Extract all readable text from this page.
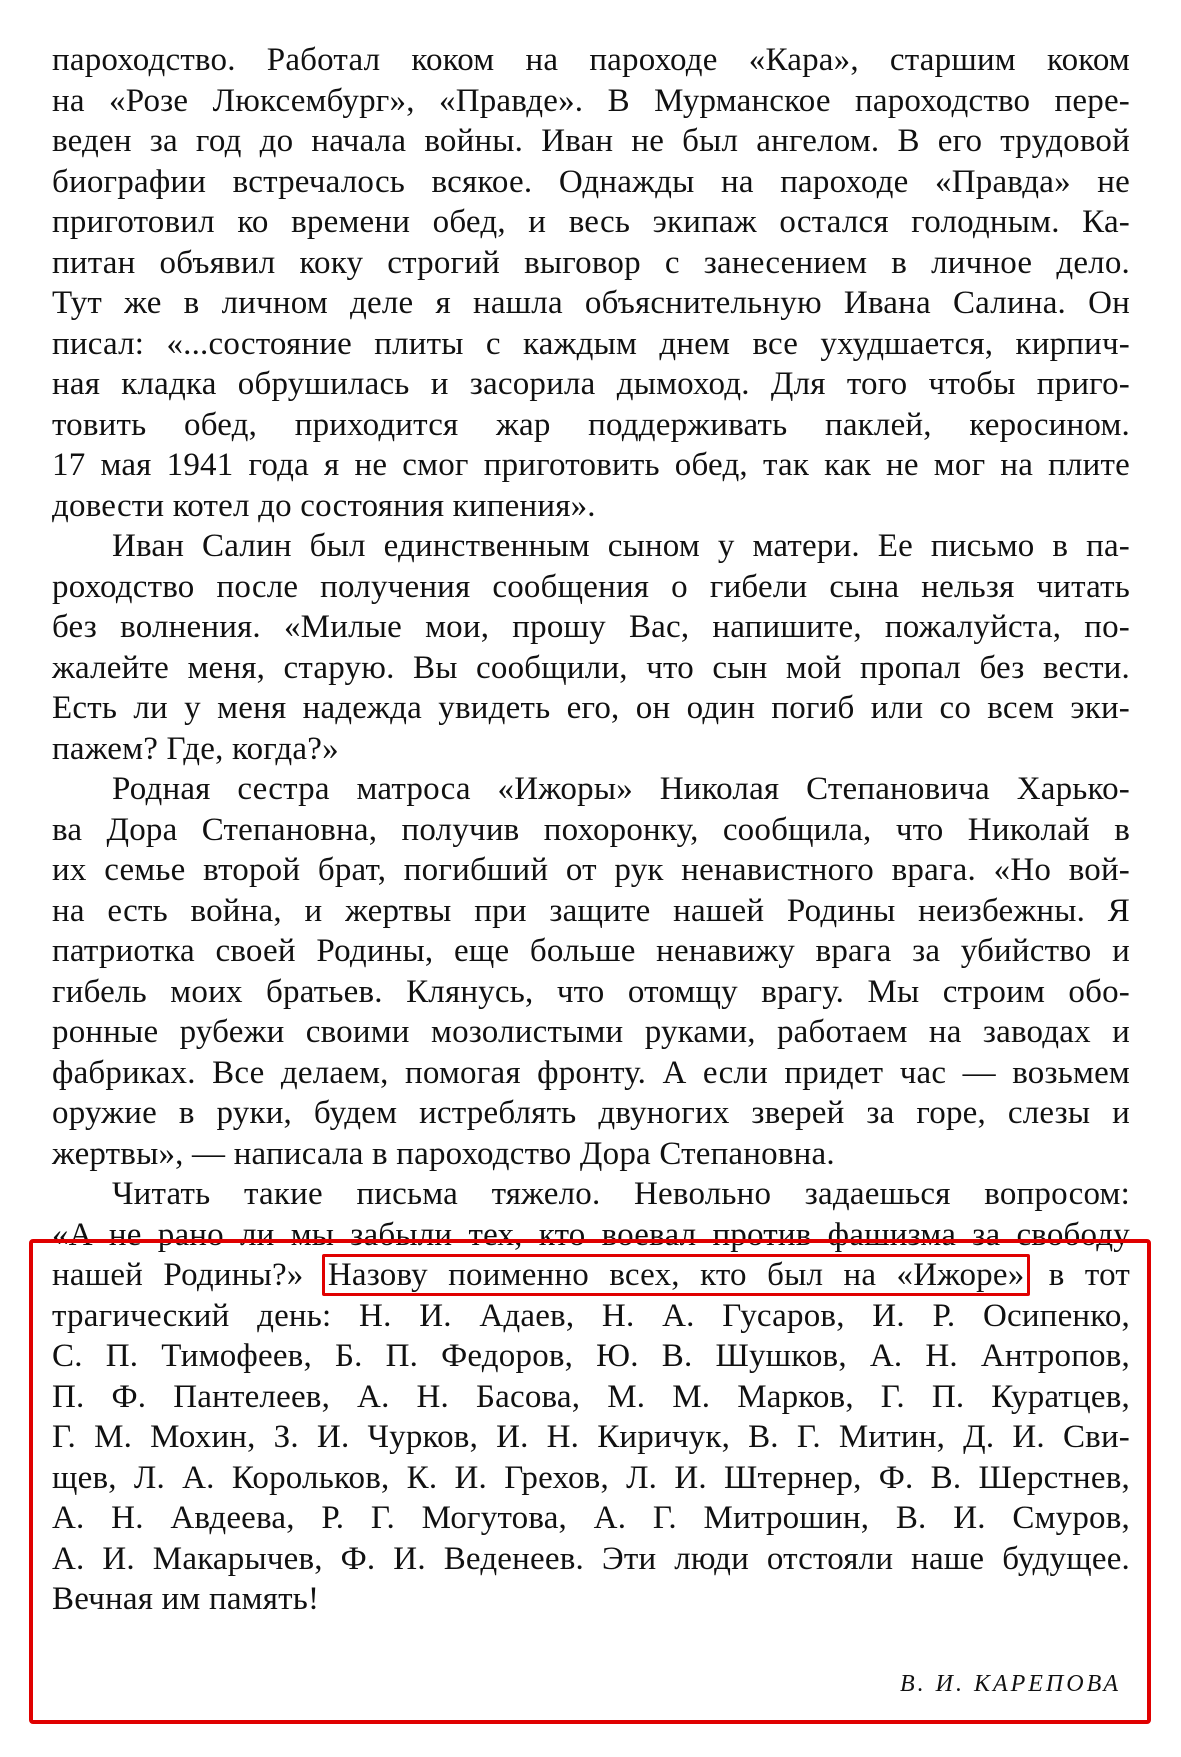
пароходство. Работал коком на пароходе «Кара», старшим коком
на «Розе Люксембург», «Правде». В Мурманское пароходство пере-
веден за год до начала войны. Иван не был ангелом. В его трудовой
биографии встречалось всякое. Однажды на пароходе «Правда» не
приготовил ко времени обед, и весь экипаж остался голодным. Ка-
питан объявил коку строгий выговор с занесением в личное дело.
Тут же в личном деле я нашла объяснительную Ивана Салина. Он
писал: «...состояние плиты с каждым днем все ухудшается, кирпич-
ная кладка обрушилась и засорила дымоход. Для того чтобы приго-
товить обед, приходится жар поддерживать паклей, керосином.
17 мая 1941 года я не смог приготовить обед, так как не мог на плите
довести котел до состояния кипения».
Иван Салин был единственным сыном у матери. Ее письмо в па-
роходство после получения сообщения о гибели сына нельзя читать
без волнения. «Милые мои, прошу Вас, напишите, пожалуйста, по-
жалейте меня, старую. Вы сообщили, что сын мой пропал без вести.
Есть ли у меня надежда увидеть его, он один погиб или со всем эки-
пажем? Где, когда?»
Родная сестра матроса «Ижоры» Николая Степановича Харько-
ва Дора Степановна, получив похоронку, сообщила, что Николай в
их семье второй брат, погибший от рук ненавистного врага. «Но вой-
на есть война, и жертвы при защите нашей Родины неизбежны. Я
патриотка своей Родины, еще больше ненавижу врага за убийство и
гибель моих братьев. Клянусь, что отомщу врагу. Мы строим обо-
ронные рубежи своими мозолистыми руками, работаем на заводах и
фабриках. Все делаем, помогая фронту. А если придет час — возьмем
оружие в руки, будем истреблять двуногих зверей за горе, слезы и
жертвы», — написала в пароходство Дора Степановна.
Читать такие письма тяжело. Невольно задаешься вопросом:
«А не рано ли мы забыли тех, кто воевал против фашизма за свободу
нашей Родины?» Назову поименно всех, кто был на «Ижоре» в тот
трагический день: Н. И. Адаев, Н. А. Гусаров, И. Р. Осипенко,
С. П. Тимофеев, Б. П. Федоров, Ю. В. Шушков, А. Н. Антропов,
П. Ф. Пантелеев, А. Н. Басова, М. М. Марков, Г. П. Куратцев,
Г. М. Мохин, З. И. Чурков, И. Н. Киричук, В. Г. Митин, Д. И. Сви-
щев, Л. А. Корольков, К. И. Грехов, Л. И. Штернер, Ф. В. Шерстнев,
А. Н. Авдеева, Р. Г. Могутова, А. Г. Митрошин, В. И. Смуров,
А. И. Макарычев, Ф. И. Веденеев. Эти люди отстояли наше будущее.
Вечная им память!
В. И. КАРЕПОВА
